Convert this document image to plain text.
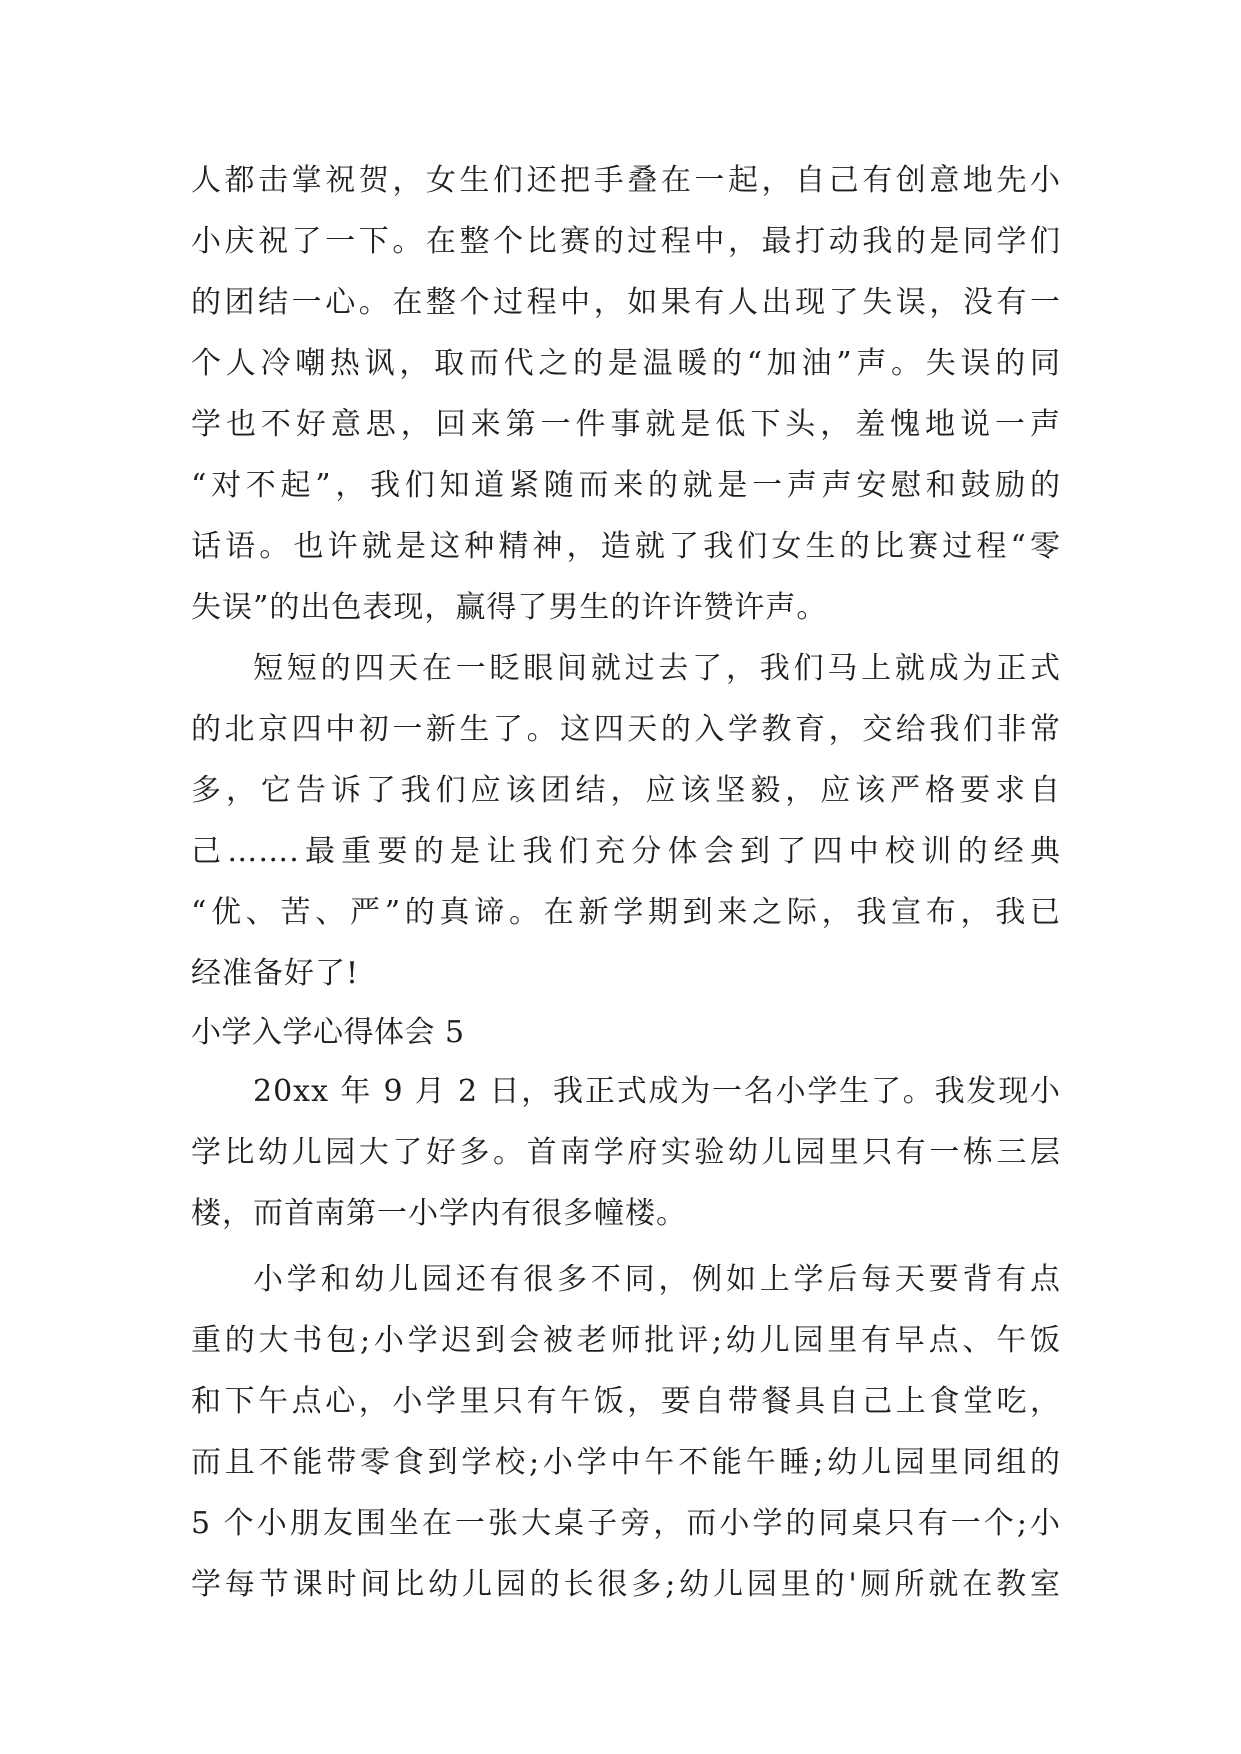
人都击掌祝贺，女生们还把手叠在一起，自己有创意地先小
小庆祝了一下。在整个比赛的过程中，最打动我的是同学们
的团结一心。在整个过程中，如果有人出现了失误，没有一
个人冷嘲热讽，取而代之的是温暖的“加油”声。失误的同
学也不好意思，回来第一件事就是低下头，羞愧地说一声
“对不起”，我们知道紧随而来的就是一声声安慰和鼓励的
话语。也许就是这种精神，造就了我们女生的比赛过程“零
失误”的出色表现，赢得了男生的许许赞许声。
短短的四天在一眨眼间就过去了，我们马上就成为正式
的北京四中初一新生了。这四天的入学教育，交给我们非常
多，它告诉了我们应该团结，应该坚毅，应该严格要求自
己…….最重要的是让我们充分体会到了四中校训的经典
“优、苦、严”的真谛。在新学期到来之际，我宣布，我已
经准备好了!
小学入学心得体会 5
20xx 年 9 月 2 日，我正式成为一名小学生了。我发现小
学比幼儿园大了好多。首南学府实验幼儿园里只有一栋三层
楼，而首南第一小学内有很多幢楼。
小学和幼儿园还有很多不同，例如上学后每天要背有点
重的大书包;小学迟到会被老师批评;幼儿园里有早点、午饭
和下午点心，小学里只有午饭，要自带餐具自己上食堂吃，
而且不能带零食到学校;小学中午不能午睡;幼儿园里同组的
5 个小朋友围坐在一张大桌子旁，而小学的同桌只有一个;小
学每节课时间比幼儿园的长很多;幼儿园里的'厕所就在教室
